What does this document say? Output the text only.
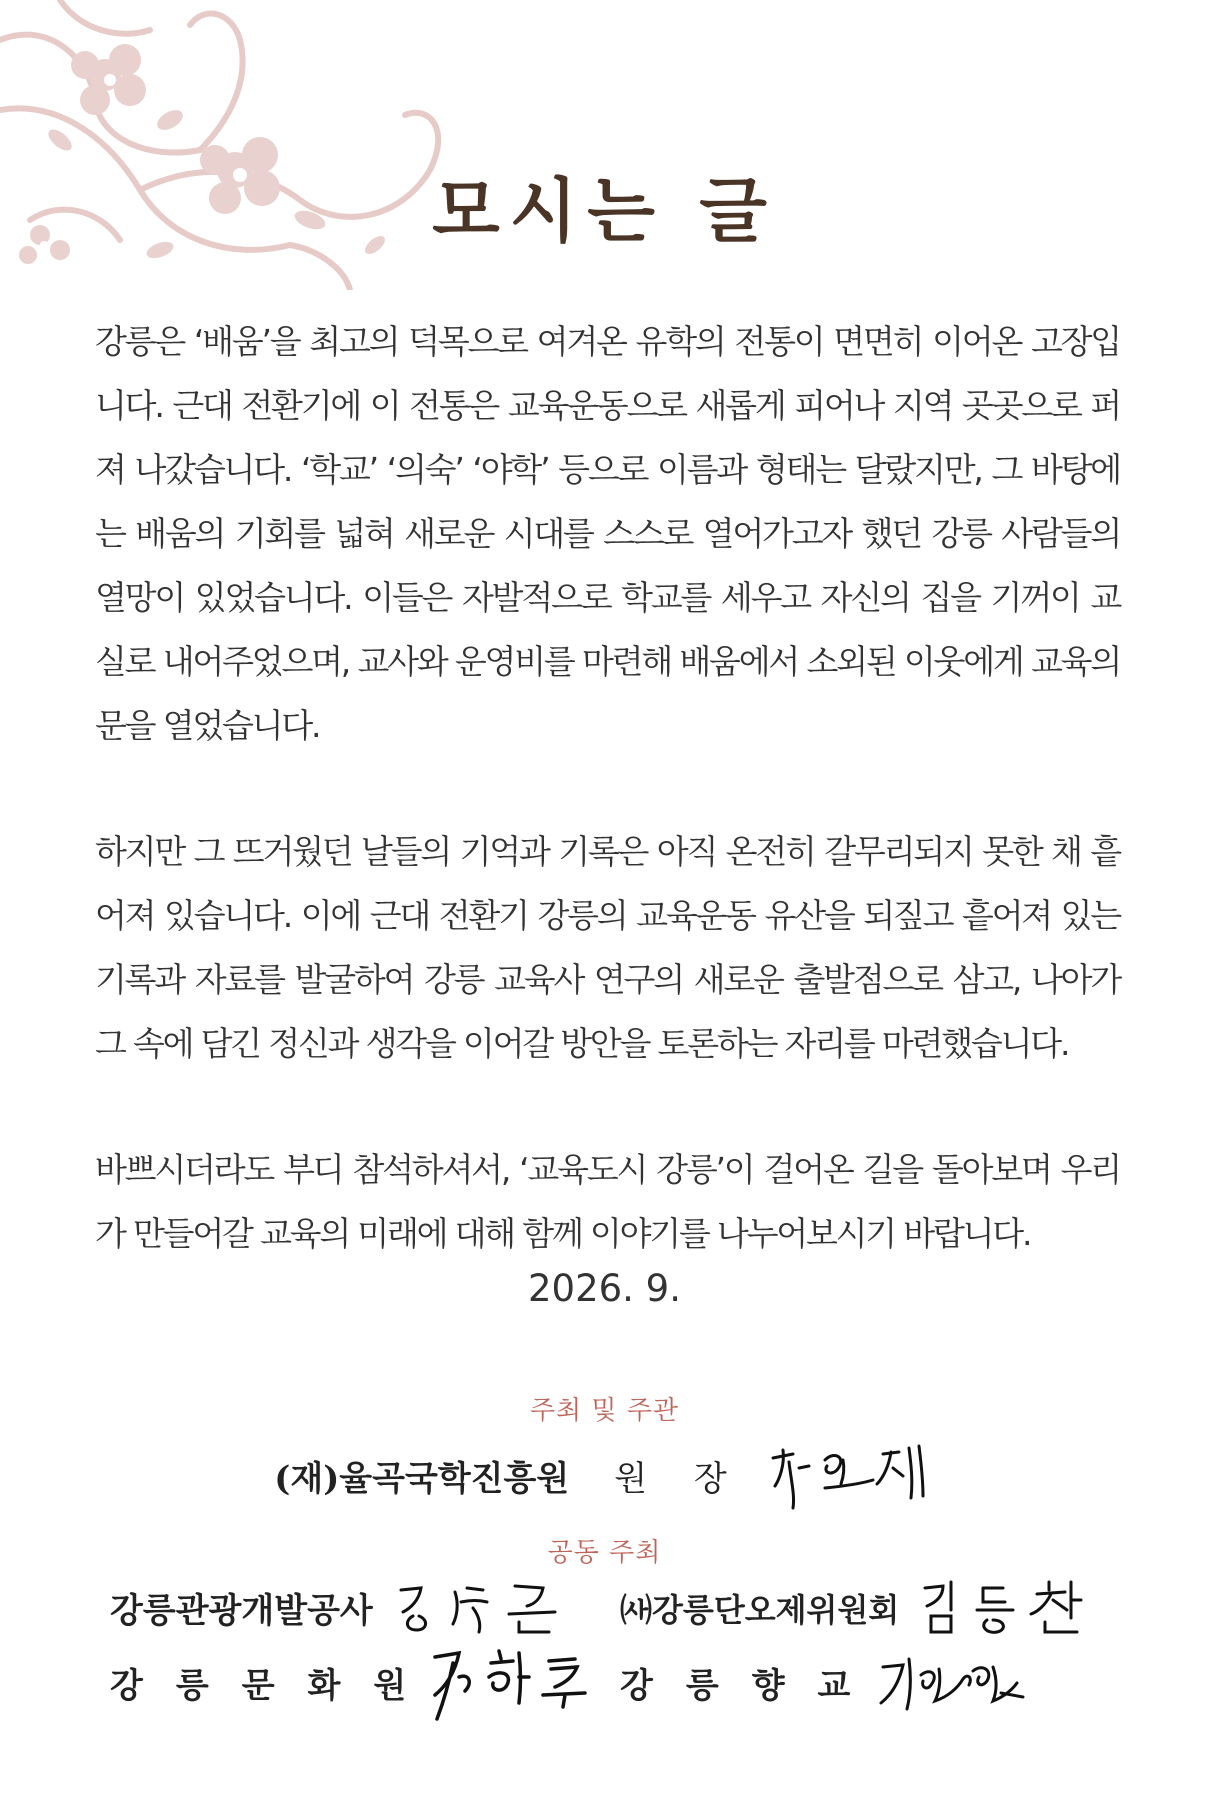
모시는 글

강릉은 ‘배움’을 최고의 덕목으로 여겨온 유학의 전통이 면면히 이어온 고장입니다. 근대 전환기에 이 전통은 교육운동으로 새롭게 피어나 지역 곳곳으로 퍼져 나갔습니다. ‘학교’ ‘의숙’ ‘야학’ 등으로 이름과 형태는 달랐지만, 그 바탕에는 배움의 기회를 넓혀 새로운 시대를 스스로 열어가고자 했던 강릉 사람들의 열망이 있었습니다. 이들은 자발적으로 학교를 세우고 자신의 집을 기꺼이 교실로 내어주었으며, 교사와 운영비를 마련해 배움에서 소외된 이웃에게 교육의 문을 열었습니다.

하지만 그 뜨거웠던 날들의 기억과 기록은 아직 온전히 갈무리되지 못한 채 흩어져 있습니다. 이에 근대 전환기 강릉의 교육운동 유산을 되짚고 흩어져 있는 기록과 자료를 발굴하여 강릉 교육사 연구의 새로운 출발점으로 삼고, 나아가 그 속에 담긴 정신과 생각을 이어갈 방안을 토론하는 자리를 마련했습니다.

바쁘시더라도 부디 참석하셔서, ‘교육도시 강릉’이 걸어온 길을 돌아보며 우리가 만들어갈 교육의 미래에 대해 함께 이야기를 나누어보시기 바랍니다.

2026. 9.
주최 및 주관
(재)율곡국학진흥원 원 장
공동 주최
강릉관광개발공사	㈔강릉단오제위원회
강릉문화원	강릉향교
